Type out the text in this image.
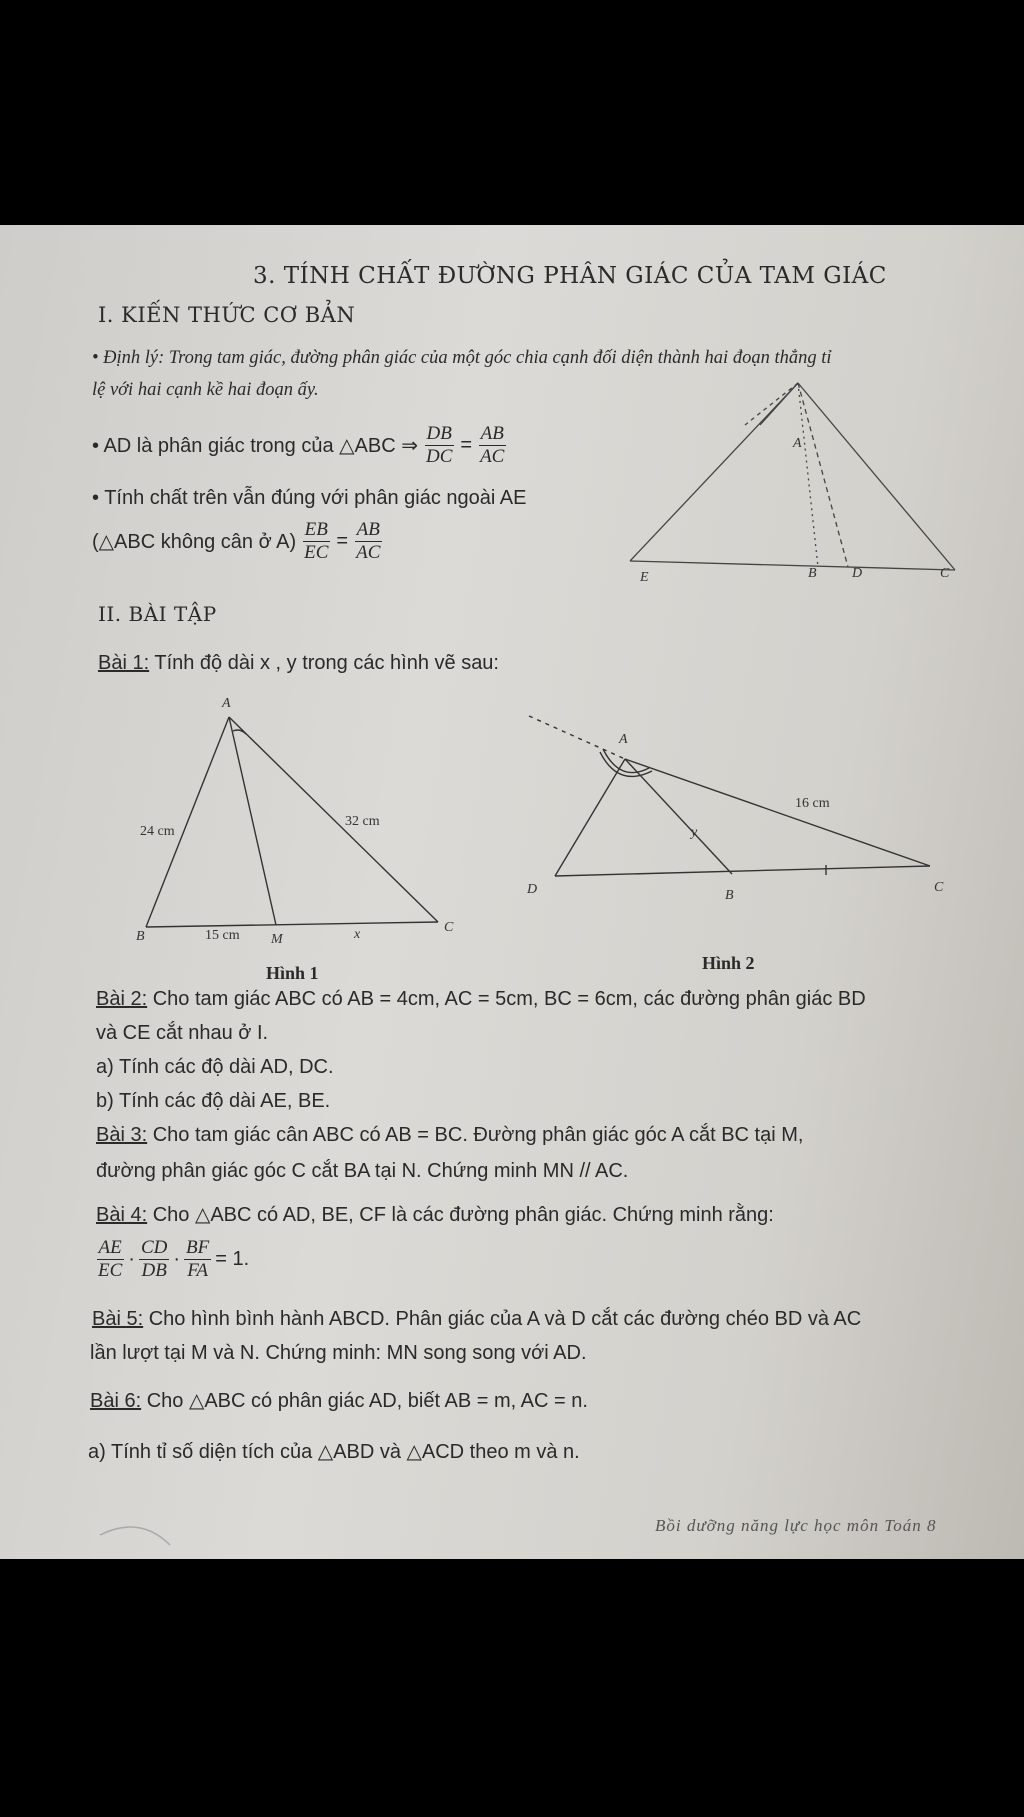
3. TÍNH CHẤT ĐƯỜNG PHÂN GIÁC CỦA TAM GIÁC
I. KIẾN THỨC CƠ BẢN
• Định lý: Trong tam giác, đường phân giác của một góc chia cạnh đối diện thành hai đoạn thẳng tỉ
lệ với hai cạnh kề hai đoạn ấy.
• AD là phân giác trong của △ABC ⇒ $\frac{DB}{DC} = \frac{AB}{AC}$
• Tính chất trên vẫn đúng với phân giác ngoài AE
(△ABC không cân ở $A) \frac{EB}{EC} = \frac{AB}{AC}$
A
E	B	D	C
II. BÀI TẬP
Bài 1: Tính độ dài x , y trong các hình vẽ sau:
A
B	M
C
24 cm
32 cm
15 cm	x
A
D	B
C
16 cm
y
Hình 1	Hình 2
Bài 2: Cho tam giác ABC có AB = 4cm, AC = 5cm, BC = 6cm, các đường phân giác BD
và CE cắt nhau ở I.
a) Tính các độ dài AD, DC.
b) Tính các độ dài AE, BE.
Bài 3: Cho tam giác cân ABC có AB = BC. Đường phân giác góc A cắt BC tại M,
đường phân giác góc C cắt BA tại N. Chứng minh MN // AC.
Bài 4: Cho △ABC có AD, BE, CF là các đường phân giác. Chứng minh rằng:
$\frac{AE}{EC} \cdot \frac{CD}{DB} \cdot \frac{BF}{FA} = 1$.
Bài 5: Cho hình bình hành ABCD. Phân giác của A và D cắt các đường chéo BD và AC
lần lượt tại M và N. Chứng minh: MN song song với AD.
Bài 6: Cho △ABC có phân giác AD, biết AB = m, AC = n.
a) Tính tỉ số diện tích của △ABD và △ACD theo m và n.
Bồi dưỡng năng lực học môn Toán 8
